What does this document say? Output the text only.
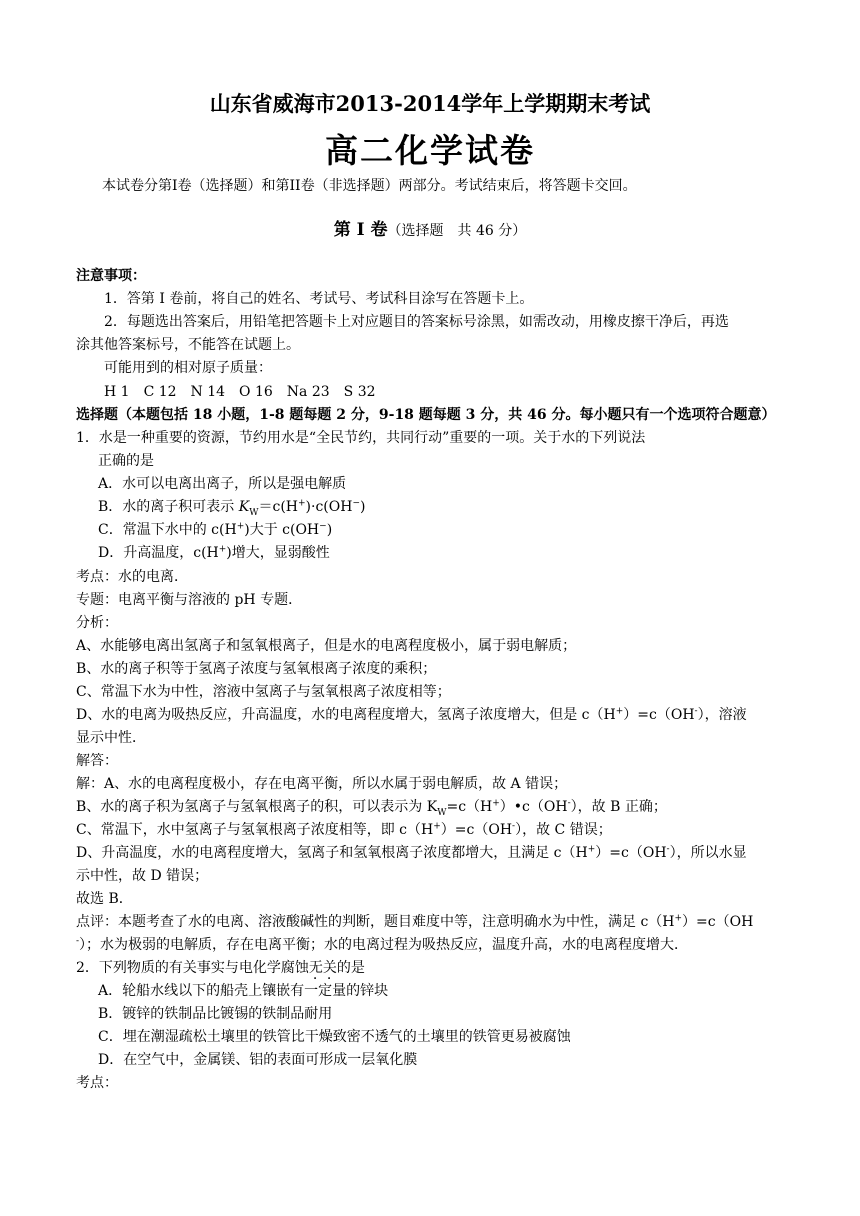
山东省威海市2013-2014学年上学期期末考试
高二化学试卷
本试卷分第I卷（选择题）和第II卷（非选择题）两部分。考试结束后，将答题卡交回。
第 I 卷（选择题　共 46 分）
注意事项：
1．答第 I 卷前，将自己的姓名、考试号、考试科目涂写在答题卡上。
2．每题选出答案后，用铅笔把答题卡上对应题目的答案标号涂黑，如需改动，用橡皮擦干净后，再选
涂其他答案标号，不能答在试题上。
可能用到的相对原子质量：
H 1　C 12　N 14　O 16　Na 23　S 32
选择题（本题包括 18 小题，1-8 题每题 2 分，9-18 题每题 3 分，共 46 分。每小题只有一个选项符合题意）
1．水是一种重要的资源，节约用水是“全民节约，共同行动”重要的一项。关于水的下列说法
正确的是
A．水可以电离出离子，所以是强电解质
B．水的离子积可表示 $K_W=c(H^+)\cdot c(OH^-)$
C．常温下水中的 c(H+)大于 c(OH−)
D．升高温度，c(H+)增大，显弱酸性
考点：水的电离．
专题：电离平衡与溶液的 pH 专题．
分析：
A、水能够电离出氢离子和氢氧根离子，但是水的电离程度极小，属于弱电解质；
B、水的离子积等于氢离子浓度与氢氧根离子浓度的乘积；
C、常温下水为中性，溶液中氢离子与氢氧根离子浓度相等；
D、水的电离为吸热反应，升高温度，水的电离程度增大，氢离子浓度增大，但是 c（H+）=c（OH-），溶液
显示中性．
解答：
解：A、水的电离程度极小，存在电离平衡，所以水属于弱电解质，故 A 错误；
B、水的离子积为氢离子与氢氧根离子的积，可以表示为 $K_W=c(H^+)•c(OH^-)$，故 B 正确；
C、常温下，水中氢离子与氢氧根离子浓度相等，即 c（H+）=c（OH-），故 C 错误；
D、升高温度，水的电离程度增大，氢离子和氢氧根离子浓度都增大，且满足 c（H+）=c（OH-），所以水显
示中性，故 D 错误；
故选 B．
点评：本题考查了水的电离、溶液酸碱性的判断，题目难度中等，注意明确水为中性，满足 c（H+）=c（OH
-）；水为极弱的电解质，存在电离平衡；水的电离过程为吸热反应，温度升高，水的电离程度增大．
2．下列物质的有关事实与电化学腐蚀无关的是
A．轮船水线以下的船壳上镶嵌有一定量的锌块
B．镀锌的铁制品比镀锡的铁制品耐用
C．埋在潮湿疏松土壤里的铁管比干燥致密不透气的土壤里的铁管更易被腐蚀
D．在空气中，金属镁、铝的表面可形成一层氧化膜
考点：
